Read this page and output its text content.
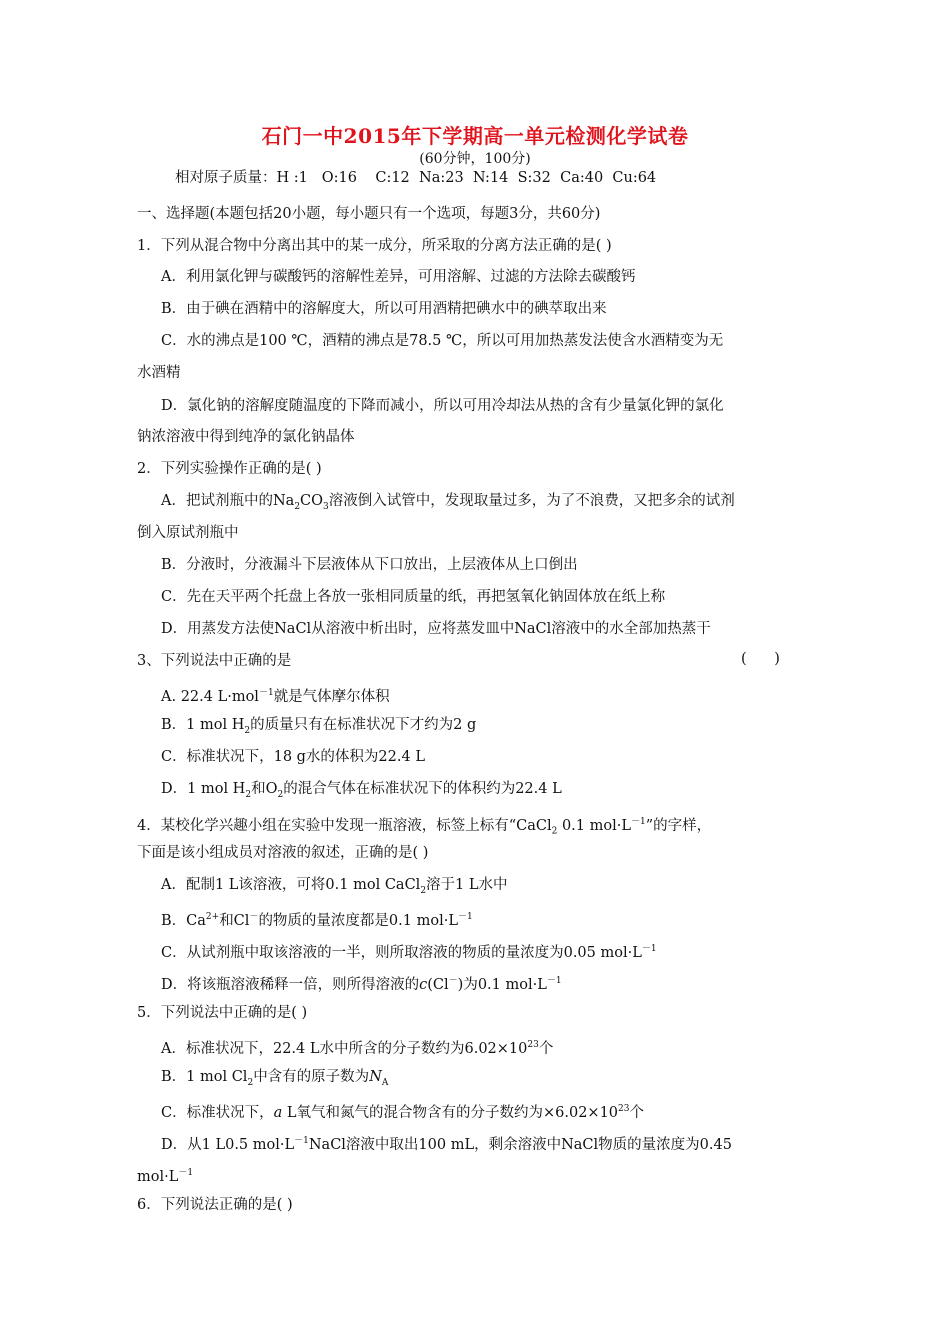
石门一中2015年下学期高一单元检测化学试卷
(60分钟，100分)
相对原子质量：H :1   O:16    C:12  Na:23  N:14  S:32  Ca:40  Cu:64
一、选择题(本题包括20小题，每小题只有一个选项，每题3分，共60分)
1．下列从混合物中分离出其中的某一成分，所采取的分离方法正确的是( )
A．利用氯化钾与碳酸钙的溶解性差异，可用溶解、过滤的方法除去碳酸钙
B．由于碘在酒精中的溶解度大，所以可用酒精把碘水中的碘萃取出来
C．水的沸点是100 ℃，酒精的沸点是78.5 ℃，所以可用加热蒸发法使含水酒精变为无
水酒精
D．氯化钠的溶解度随温度的下降而减小，所以可用冷却法从热的含有少量氯化钾的氯化
钠浓溶液中得到纯净的氯化钠晶体
2．下列实验操作正确的是( )
A．把试剂瓶中的$Na_2CO_3$溶液倒入试管中，发现取量过多，为了不浪费，又把多余的试剂
倒入原试剂瓶中
B．分液时，分液漏斗下层液体从下口放出，上层液体从上口倒出
C．先在天平两个托盘上各放一张相同质量的纸，再把氢氧化钠固体放在纸上称
D．用蒸发方法使NaCl从溶液中析出时，应将蒸发皿中NaCl溶液中的水全部加热蒸干
3、下列说法中正确的是	(      )
A. 22.4 L·mol$^{-1}$就是气体摩尔体积
B．1 mol $H_2$的质量只有在标准状况下才约为2 g
C．标准状况下，18 g水的体积为22.4 L
D．1 mol $H_2$和$O_2$的混合气体在标准状况下的体积约为22.4 L
4．某校化学兴趣小组在实验中发现一瓶溶液，标签上标有“CaCl$_2$ 0.1 $mol\cdot L^{-1}$”的字样，
下面是该小组成员对溶液的叙述，正确的是( )
A．配制1 L该溶液，可将0.1 mol CaCl$_2$溶于1 L水中
B．$Ca^{2+}$和Cl－的物质的量浓度都是0.1 $mol\cdot L^{-1}$
C．从试剂瓶中取该溶液的一半，则所取溶液的物质的量浓度为0.05 $mol\cdot L^{-1}$
D．将该瓶溶液稀释一倍，则所得溶液的c(Cl－)为0.1 $mol\cdot L^{-1}$
5．下列说法中正确的是( )
A．标准状况下，22.4 L水中所含的分子数约为$6.02\times 10^{23}$个
B．1 mol $Cl_2$中含有的原子数为$N_A$
C．标准状况下，a L氧气和氮气的混合物含有的分子数约为$\times 6.02\times 10^{23}$个
D．从1 L0.5 $mol\cdot L^{-1}NaCl$溶液中取出100 mL，剩余溶液中NaCl物质的量浓度为0.45
$mol\cdot L^{-1}$
6．下列说法正确的是( )
